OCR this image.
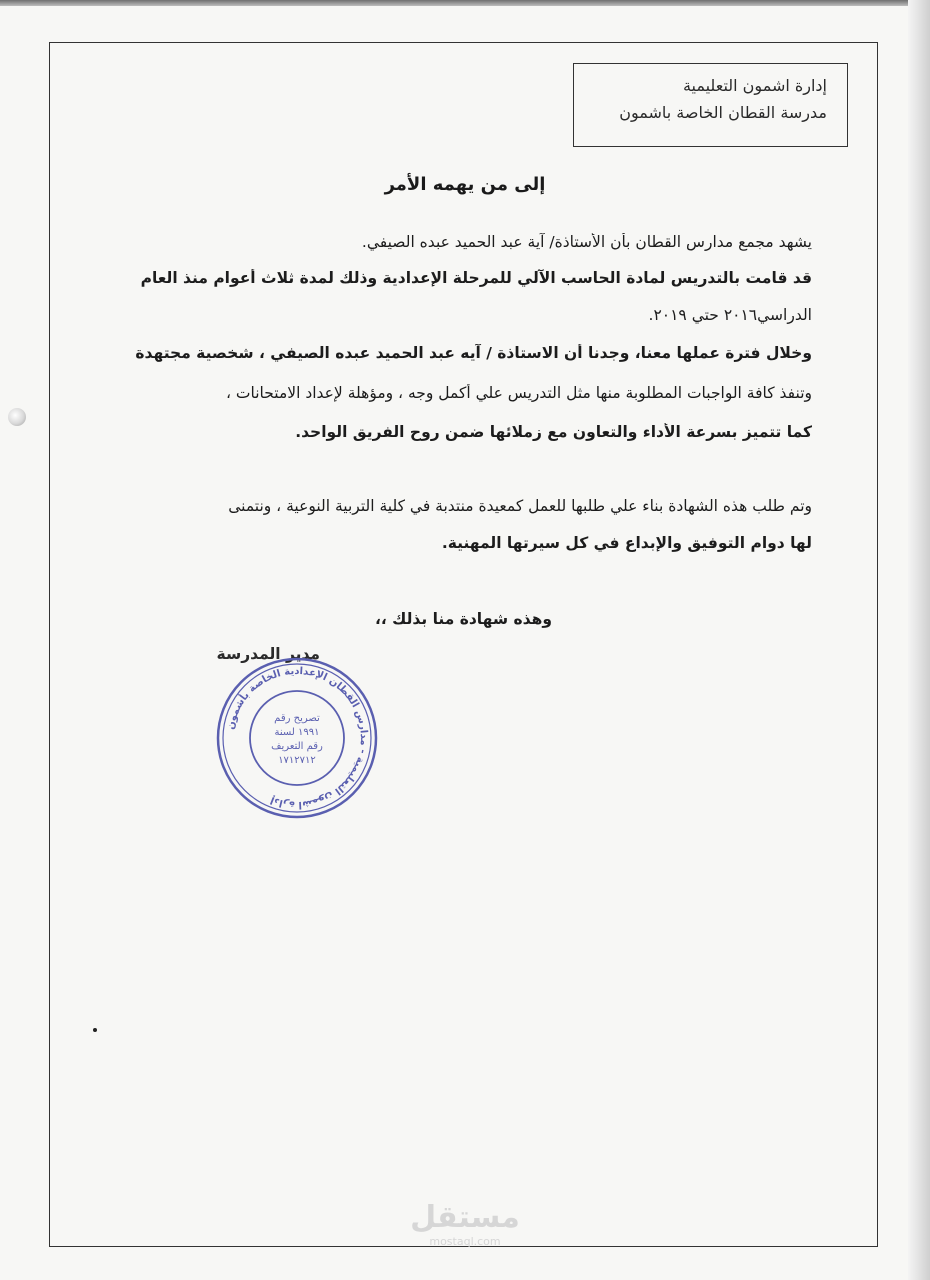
إدارة اشمون التعليمية
مدرسة القطان الخاصة باشمون
إلى من يهمه الأمر
يشهد مجمع مدارس القطان بأن الأستاذة/ آية عبد الحميد عبده الصيفي.
قد قامت بالتدريس لمادة الحاسب الآلي للمرحلة الإعدادية وذلك لمدة ثلاث أعوام منذ العام
الدراسي٢٠١٦ حتي ٢٠١٩.
وخلال فترة عملها معنا، وجدنا أن الاستاذة / آيه عبد الحميد عبده الصيفي ، شخصية مجتهدة
وتنفذ كافة الواجبات المطلوبة منها مثل التدريس علي أكمل وجه ، ومؤهلة لإعداد الامتحانات ،
كما تتميز بسرعة الأداء والتعاون مع زملائها ضمن روح الفريق الواحد.
وتم طلب هذه الشهادة بناء علي طلبها للعمل كمعيدة منتدبة في كلية التربية النوعية ، ونتمنى
لها دوام التوفيق والإبداع في كل سيرتها المهنية.
وهذه شهادة منا بذلك ،،
مدير المدرسة
إدارة اشمون التعليمية - مدارس القطان الإعدادية الخاصة بأشمون
تصريح رقم
١٩٩١ لسنة
رقم التعريف
١٧١٢٧١٢
مستقل
mostaql.com
